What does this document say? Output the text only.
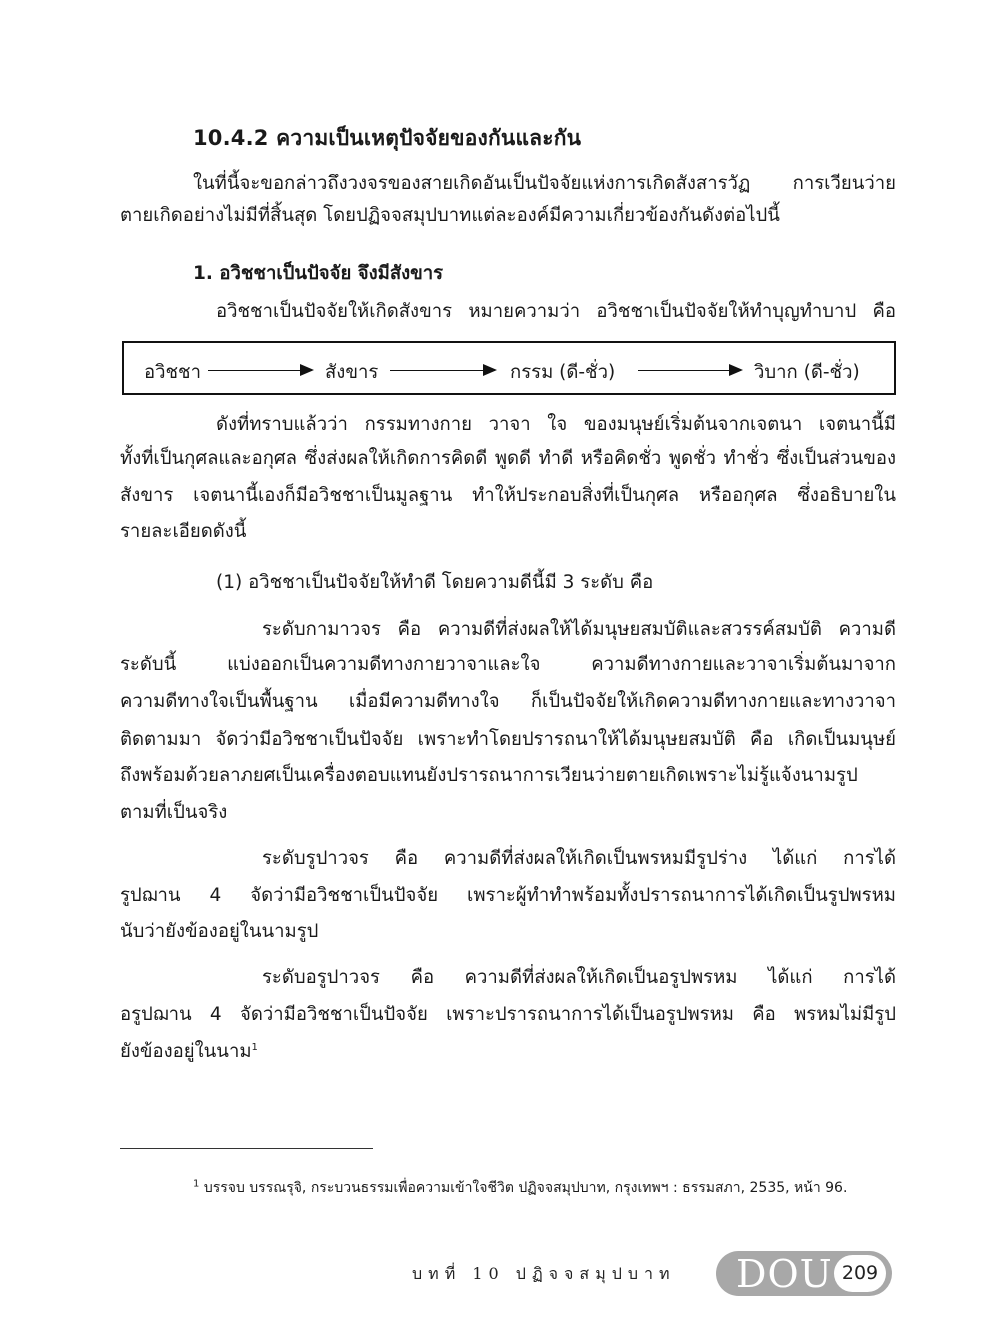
10.4.2 ความเป็นเหตุปัจจัยของกันและกัน
ในที่นี้จะขอกล่าวถึงวงจรของสายเกิดอันเป็นปัจจัยแห่งการเกิดสังสารวัฏ การเวียนว่าย
ตายเกิดอย่างไม่มีที่สิ้นสุด โดยปฏิจจสมุปบาทแต่ละองค์มีความเกี่ยวข้องกันดังต่อไปนี้
1. อวิชชาเป็นปัจจัย จึงมีสังขาร
อวิชชาเป็นปัจจัยให้เกิดสังขาร หมายความว่า อวิชชาเป็นปัจจัยให้ทำบุญทำบาป คือ
อวิชชา	สังขาร	กรรม (ดี-ชั่ว)	วิบาก (ดี-ชั่ว)
ดังที่ทราบแล้วว่า กรรมทางกาย วาจา ใจ ของมนุษย์เริ่มต้นจากเจตนา เจตนานี้มี
ทั้งที่เป็นกุศลและอกุศล ซึ่งส่งผลให้เกิดการคิดดี พูดดี ทำดี หรือคิดชั่ว พูดชั่ว ทำชั่ว ซึ่งเป็นส่วนของ
สังขาร เจตนานี้เองก็มีอวิชชาเป็นมูลฐาน ทำให้ประกอบสิ่งที่เป็นกุศล หรืออกุศล ซึ่งอธิบายใน
รายละเอียดดังนี้
(1) อวิชชาเป็นปัจจัยให้ทำดี โดยความดีนี้มี 3 ระดับ คือ
ระดับกามาวจร คือ ความดีที่ส่งผลให้ได้มนุษยสมบัติและสวรรค์สมบัติ ความดี
ระดับนี้ แบ่งออกเป็นความดีทางกายวาจาและใจ ความดีทางกายและวาจาเริ่มต้นมาจาก
ความดีทางใจเป็นพื้นฐาน เมื่อมีความดีทางใจ ก็เป็นปัจจัยให้เกิดความดีทางกายและทางวาจา
ติดตามมา จัดว่ามีอวิชชาเป็นปัจจัย เพราะทำโดยปรารถนาให้ได้มนุษยสมบัติ คือ เกิดเป็นมนุษย์
ถึงพร้อมด้วยลาภยศเป็นเครื่องตอบแทนยังปรารถนาการเวียนว่ายตายเกิดเพราะไม่รู้แจ้งนามรูป
ตามที่เป็นจริง
ระดับรูปาวจร คือ ความดีที่ส่งผลให้เกิดเป็นพรหมมีรูปร่าง ได้แก่ การได้
รูปฌาน 4 จัดว่ามีอวิชชาเป็นปัจจัย เพราะผู้ทำทำพร้อมทั้งปรารถนาการได้เกิดเป็นรูปพรหม
นับว่ายังข้องอยู่ในนามรูป
ระดับอรูปาวจร คือ ความดีที่ส่งผลให้เกิดเป็นอรูปพรหม ได้แก่ การได้
อรูปฌาน 4 จัดว่ามีอวิชชาเป็นปัจจัย เพราะปรารถนาการได้เป็นอรูปพรหม คือ พรหมไม่มีรูป
ยังข้องอยู่ในนาม$^1$
$^1$ บรรจบ บรรณรุจิ, กระบวนธรรมเพื่อความเข้าใจชีวิต ปฏิจจสมุปบาท, กรุงเทพฯ : ธรรมสภา, 2535, หน้า 96.
บทที่ 10 ปฏิจจสมุปบาท DOU 209
